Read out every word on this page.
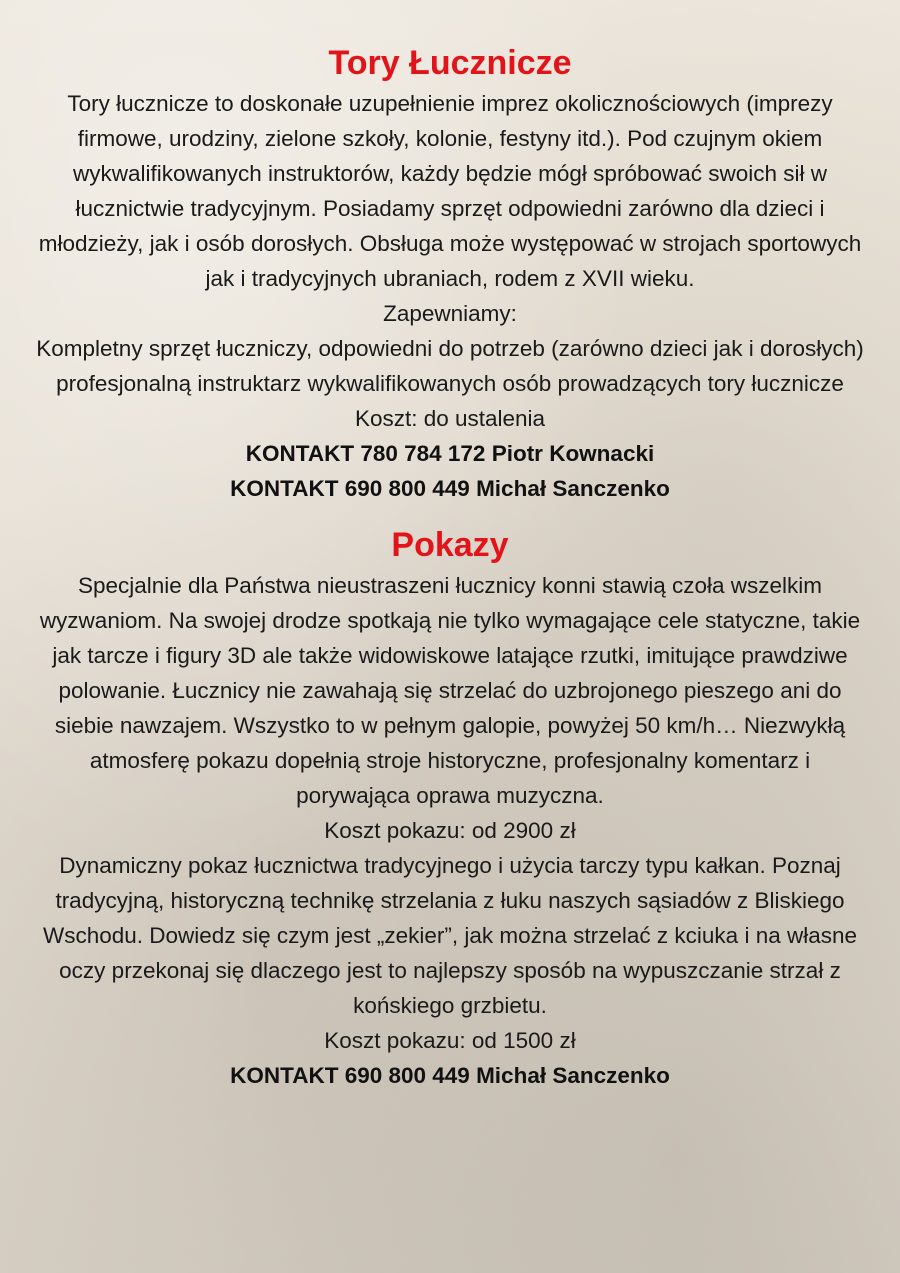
Tory Łucznicze

Tory łucznicze to doskonałe uzupełnienie imprez okolicznościowych (imprezy firmowe, urodziny, zielone szkoły, kolonie, festyny itd.). Pod czujnym okiem wykwalifikowanych instruktorów, każdy będzie mógł spróbować swoich sił w łucznictwie tradycyjnym. Posiadamy sprzęt odpowiedni zarówno dla dzieci i młodzieży, jak i osób dorosłych. Obsługa może występować w strojach sportowych jak i tradycyjnych ubraniach, rodem z XVII wieku.

Zapewniamy:

Kompletny sprzęt łuczniczy, odpowiedni do potrzeb (zarówno dzieci jak i dorosłych)

profesjonalną instruktarz wykwalifikowanych osób prowadzących tory łucznicze

Koszt: do ustalenia

KONTAKT 780 784 172 Piotr Kownacki

KONTAKT 690 800 449 Michał Sanczenko

Pokazy

Specjalnie dla Państwa nieustraszeni łucznicy konni stawią czoła wszelkim wyzwaniom. Na swojej drodze spotkają nie tylko wymagające cele statyczne, takie jak tarcze i figury 3D ale także widowiskowe latające rzutki, imitujące prawdziwe polowanie. Łucznicy nie zawahają się strzelać do uzbrojonego pieszego ani do siebie nawzajem. Wszystko to w pełnym galopie, powyżej 50 km/h… Niezwykłą atmosferę pokazu dopełnią stroje historyczne, profesjonalny komentarz i porywająca oprawa muzyczna.

Koszt pokazu: od 2900 zł

Dynamiczny pokaz łucznictwa tradycyjnego i użycia tarczy typu kałkan. Poznaj tradycyjną, historyczną technikę strzelania z łuku naszych sąsiadów z Bliskiego Wschodu. Dowiedz się czym jest „zekier”, jak można strzelać z kciuka i na własne oczy przekonaj się dlaczego jest to najlepszy sposób na wypuszczanie strzał z końskiego grzbietu.

Koszt pokazu: od 1500 zł

KONTAKT 690 800 449 Michał Sanczenko
